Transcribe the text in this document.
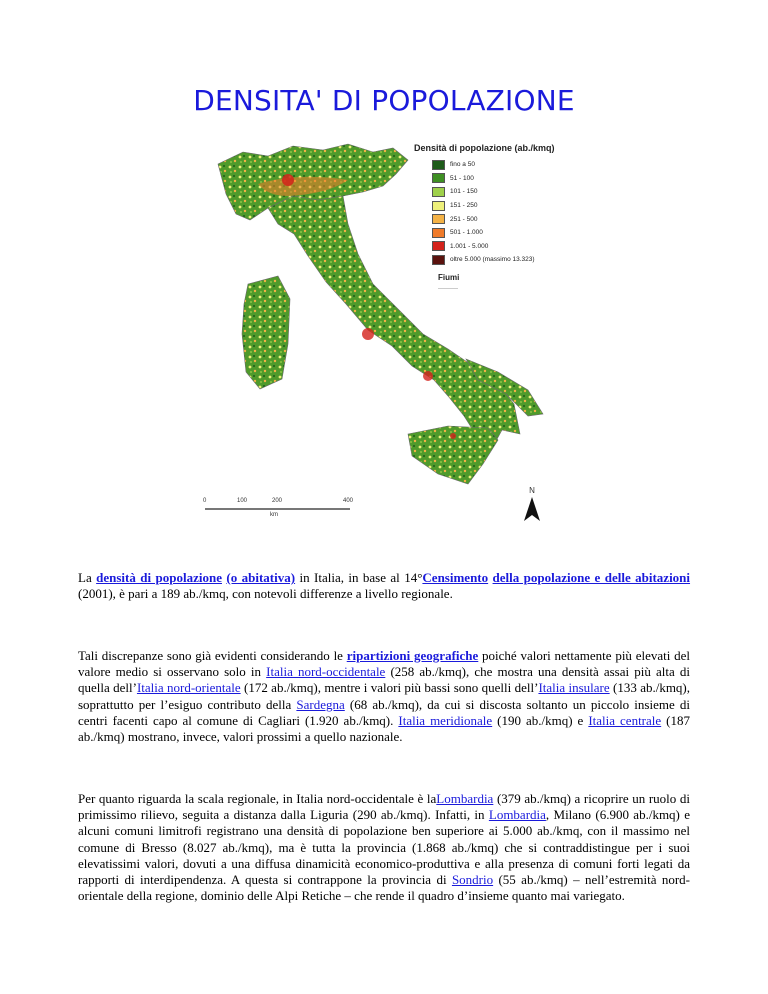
DENSITA' DI POPOLAZIONE
Densità di popolazione (ab./kmq)
fino a 50
51 - 100
101 - 150
151 - 250
251 - 500
501 - 1.000
1.001 - 5.000
oltre 5.000 (massimo 13.323)
Fiumi
0	100	200	400
km
N
La densità di popolazione (o abitativa) in Italia, in base al 14°Censimento della popolazione e delle abitazioni (2001), è pari a 189 ab./kmq, con notevoli differenze a livello regionale.
Tali discrepanze sono già evidenti considerando le ripartizioni geografiche poiché valori nettamente più elevati del valore medio si osservano solo in Italia nord-occidentale (258 ab./kmq), che mostra una densità assai più alta di quella dell’Italia nord-orientale (172 ab./kmq), mentre i valori più bassi sono quelli dell’Italia insulare (133 ab./kmq), soprattutto per l’esiguo contributo della Sardegna (68 ab./kmq), da cui si discosta soltanto un piccolo insieme di centri facenti capo al comune di Cagliari (1.920 ab./kmq). Italia meridionale (190 ab./kmq) e Italia centrale (187 ab./kmq) mostrano, invece, valori prossimi a quello nazionale.
Per quanto riguarda la scala regionale, in Italia nord-occidentale è laLombardia (379 ab./kmq) a ricoprire un ruolo di primissimo rilievo, seguita a distanza dalla Liguria (290 ab./kmq). Infatti, in Lombardia, Milano (6.900 ab./kmq) e alcuni comuni limitrofi registrano una densità di popolazione ben superiore ai 5.000 ab./kmq, con il massimo nel comune di Bresso (8.027 ab./kmq), ma è tutta la provincia (1.868 ab./kmq) che si contraddistingue per i suoi elevatissimi valori, dovuti a una diffusa dinamicità economico-produttiva e alla presenza di comuni forti legati da rapporti di interdipendenza. A questa si contrappone la provincia di Sondrio (55 ab./kmq) – nell’estremità nord-orientale della regione, dominio delle Alpi Retiche – che rende il quadro d’insieme quanto mai variegato.
